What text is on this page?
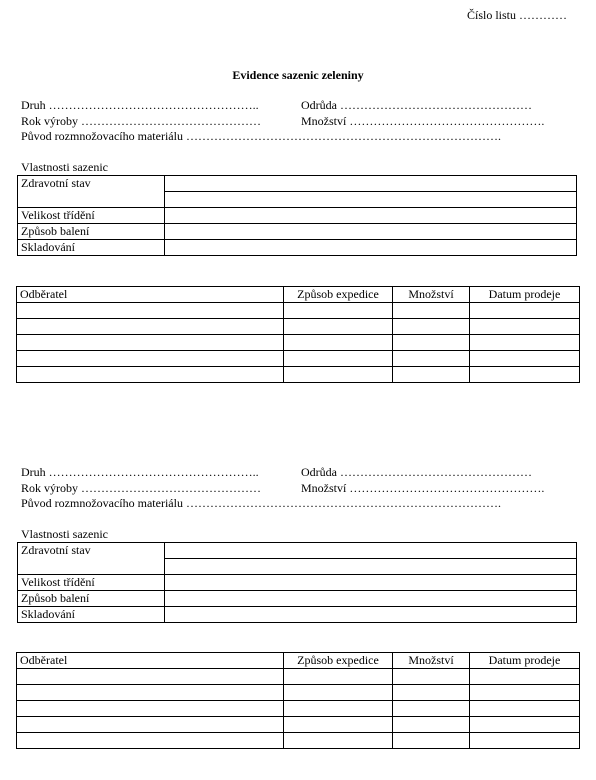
Číslo listu …………
Evidence sazenic zeleniny
Druh ……………………………………………..	Odrůda …………………………………………
Rok výroby ………………………………………	Množství ………………………………………….
Původ rozmnožovacího materiálu …………………………………………………………………….
Vlastnosti sazenic
Zdravotní stav	

Velikost třídění	
Způsob balení	
Skladování	
Odběratel	Způsob expedice	Množství	Datum prodeje

Druh ……………………………………………..	Odrůda …………………………………………
Rok výroby ………………………………………	Množství ………………………………………….
Původ rozmnožovacího materiálu …………………………………………………………………….
Vlastnosti sazenic
Zdravotní stav	

Velikost třídění	
Způsob balení	
Skladování	
Odběratel	Způsob expedice	Množství	Datum prodeje
